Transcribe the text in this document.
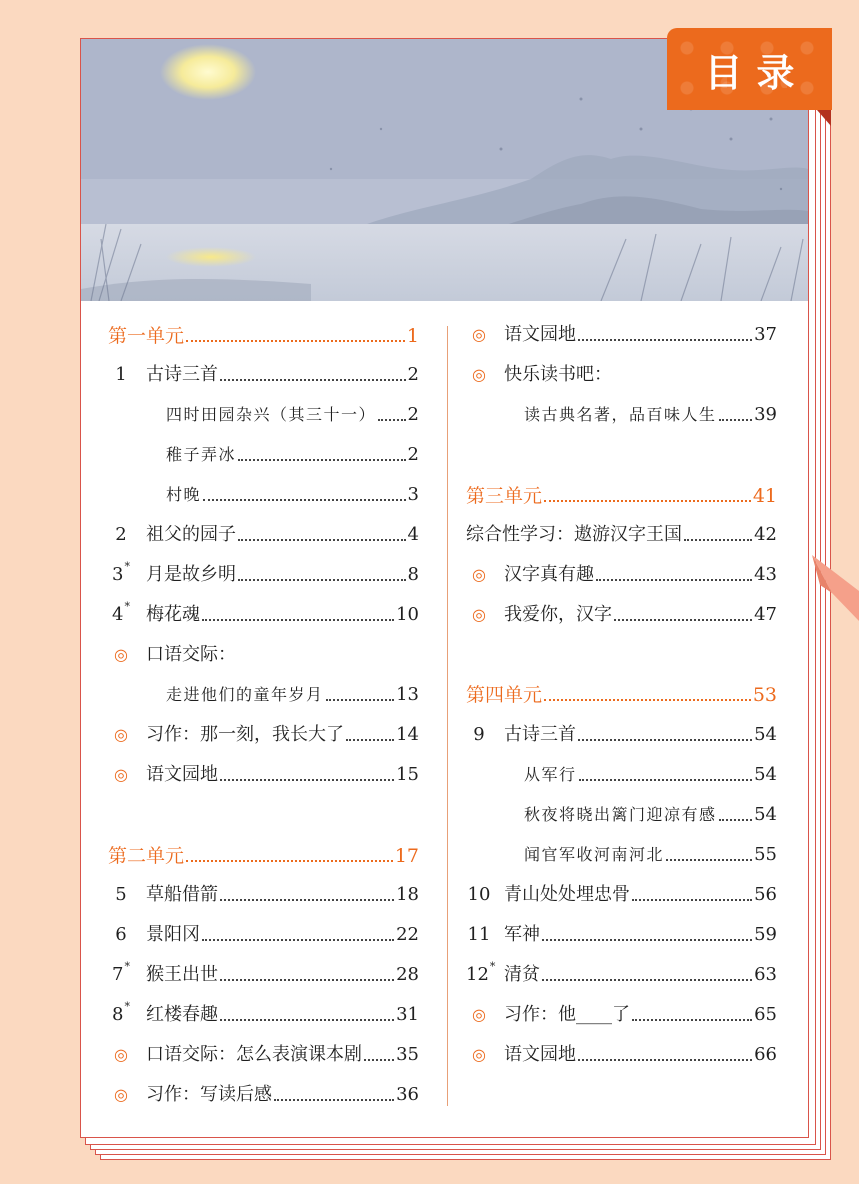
第一单元	1
1	古诗三首	2
四时田园杂兴（其三十一） 2
稚子弄冰	2
村晚	3
2	祖父的园子	4
3* 月是故乡明	8
4* 梅花魂	10
◎	口语交际：
走进他们的童年岁月	13
◎	习作：那一刻，我长大了	14
◎	语文园地	15
第二单元	17
5	草船借箭	18
6	景阳冈	22
7* 猴王出世	28
8* 红楼春趣	31
◎	口语交际：怎么表演课本剧 35
◎	习作：写读后感	36
◎	语文园地	37
◎	快乐读书吧：
读古典名著，品百味人生 39
第三单元	41
综合性学习：遨游汉字王国	42
◎	汉字真有趣	43
◎	我爱你，汉字	47
第四单元	53
9	古诗三首	54
从军行	54
秋夜将晓出篱门迎凉有感 54
闻官军收河南河北	55
10 青山处处埋忠骨	56
11 军神	59
12* 清贫	63
◎	习作：他____了	65
◎	语文园地	66
目录
